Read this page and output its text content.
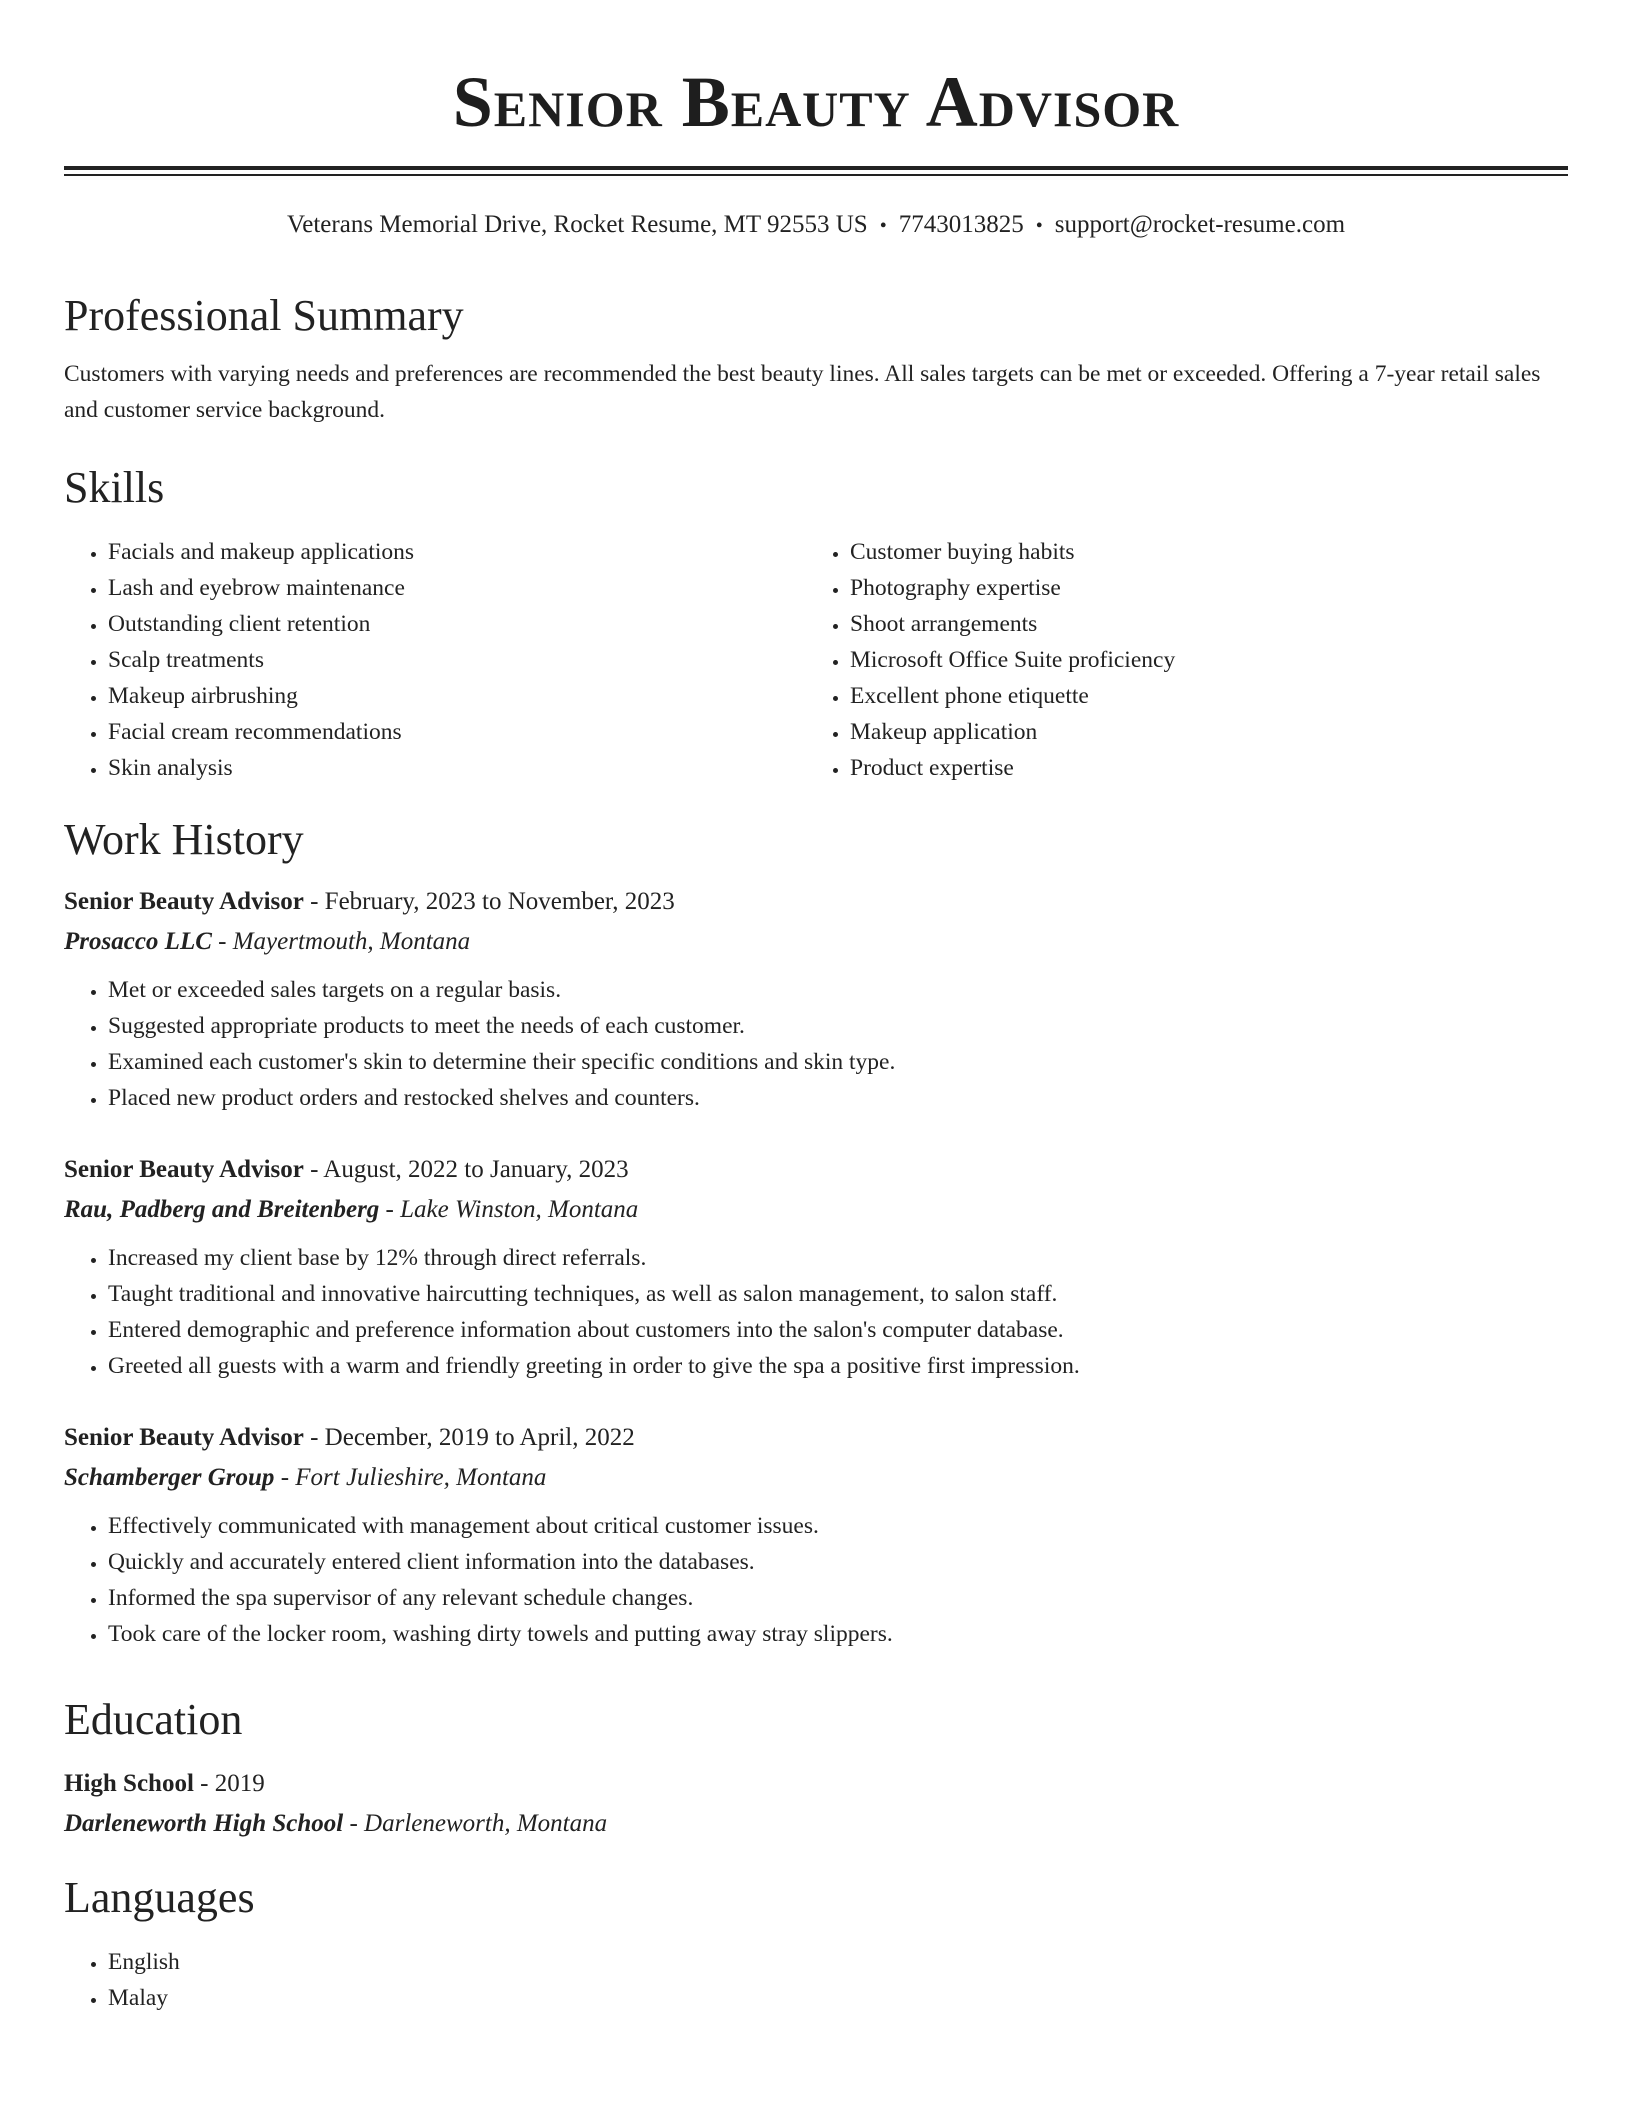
Senior Beauty Advisor
Veterans Memorial Drive, Rocket Resume, MT 92553 US • 7743013825 • support@rocket-resume.com
Professional Summary

Customers with varying needs and preferences are recommended the best beauty lines. All sales targets can be met or exceeded. Offering a 7-year retail sales and customer service background.

Skills
• Facials and makeup applications
• Lash and eyebrow maintenance
• Outstanding client retention
• Scalp treatments
• Makeup airbrushing
• Facial cream recommendations
• Skin analysis
• Customer buying habits
• Photography expertise
• Shoot arrangements
• Microsoft Office Suite proficiency
• Excellent phone etiquette
• Makeup application
• Product expertise
Work History

Senior Beauty Advisor - February, 2023 to November, 2023

Prosacco LLC - Mayertmouth, Montana

• Met or exceeded sales targets on a regular basis.
• Suggested appropriate products to meet the needs of each customer.
• Examined each customer's skin to determine their specific conditions and skin type.
• Placed new product orders and restocked shelves and counters.

Senior Beauty Advisor - August, 2022 to January, 2023

Rau, Padberg and Breitenberg - Lake Winston, Montana

• Increased my client base by 12% through direct referrals.
• Taught traditional and innovative haircutting techniques, as well as salon management, to salon staff.
• Entered demographic and preference information about customers into the salon's computer database.
• Greeted all guests with a warm and friendly greeting in order to give the spa a positive first impression.

Senior Beauty Advisor - December, 2019 to April, 2022

Schamberger Group - Fort Julieshire, Montana

• Effectively communicated with management about critical customer issues.
• Quickly and accurately entered client information into the databases.
• Informed the spa supervisor of any relevant schedule changes.
• Took care of the locker room, washing dirty towels and putting away stray slippers.
Education

High School - 2019

Darleneworth High School - Darleneworth, Montana

Languages
• English
• Malay
